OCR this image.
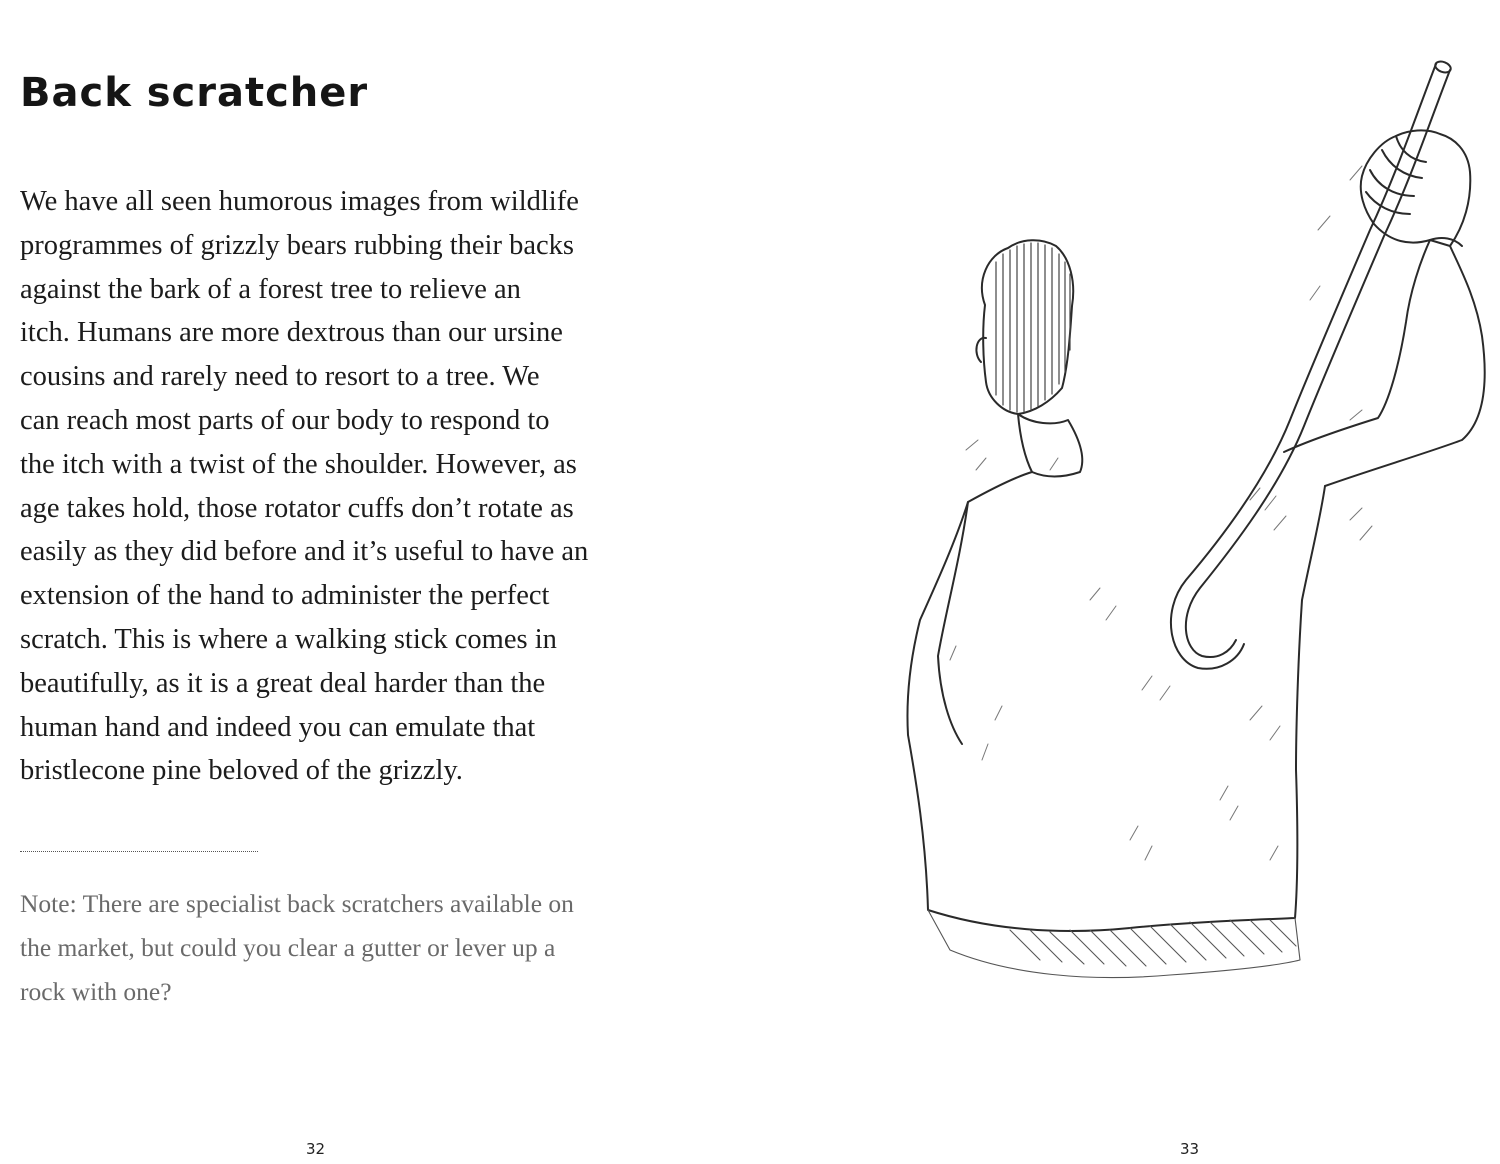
Back scratcher
We have all seen humorous images from wildlife
programmes of grizzly bears rubbing their backs
against the bark of a forest tree to relieve an
itch. Humans are more dextrous than our ursine
cousins and rarely need to resort to a tree. We
can reach most parts of our body to respond to
the itch with a twist of the shoulder. However, as
age takes hold, those rotator cuffs don’t rotate as
easily as they did before and it’s useful to have an
extension of the hand to administer the perfect
scratch. This is where a walking stick comes in
beautifully, as it is a great deal harder than the
human hand and indeed you can emulate that
bristlecone pine beloved of the grizzly.
Note: There are specialist back scratchers available on
the market, but could you clear a gutter or lever up a
rock with one?
32	33
